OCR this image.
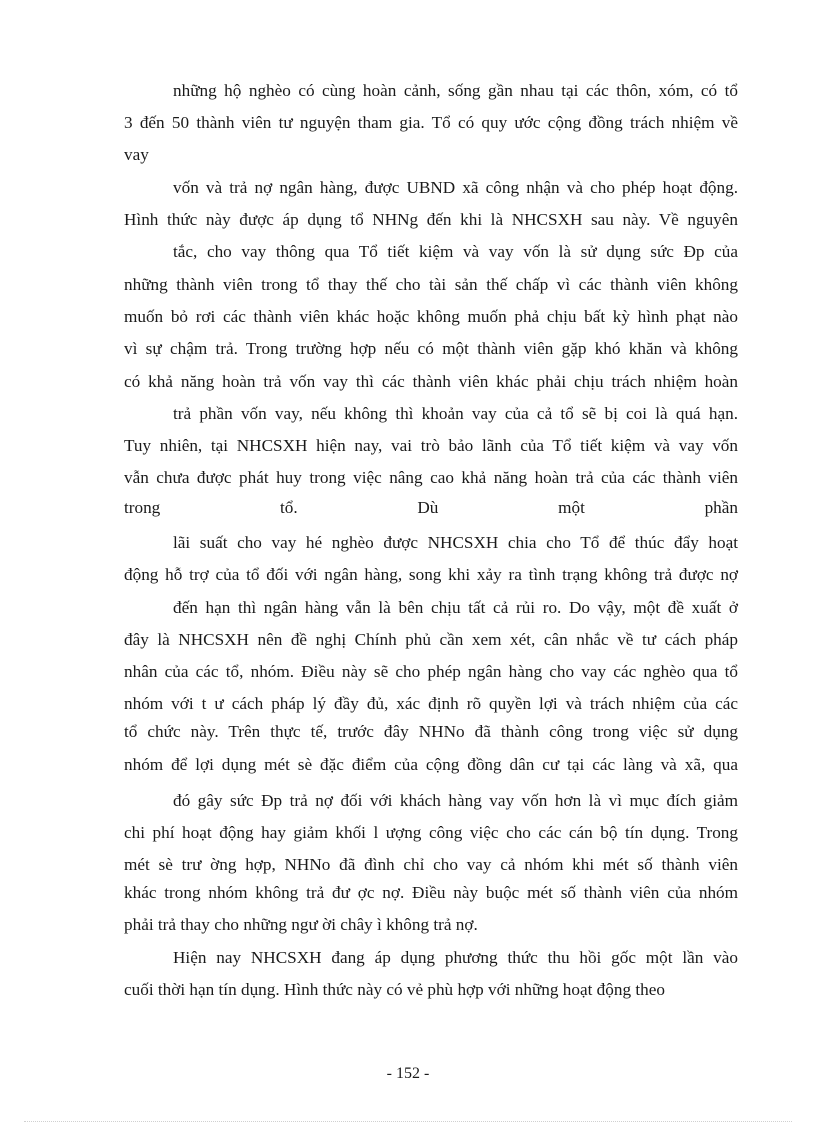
những hộ nghèo có cùng hoàn cảnh, sống gần nhau tại các thôn, xóm, có tổ
3 đến 50 thành viên tư nguyện tham gia. Tổ có quy ước cộng đồng trách nhiệm về
vay
vốn và trả nợ ngân hàng, được UBND xã công nhận và cho phép hoạt động.
Hình thức này được áp dụng tổ NHNg đến khi là NHCSXH sau này. Về nguyên
tắc, cho vay thông qua Tổ tiết kiệm và vay vốn là sử dụng sức Ðp của
những thành viên trong tổ thay thế cho tài sản thế chấp vì các thành viên không
muốn bỏ rơi các thành viên khác hoặc không muốn phả chịu bất kỳ hình phạt nào
vì sự chậm trả. Trong trường hợp nếu có một thành viên gặp khó khăn và không
có khả năng hoàn trả vốn vay thì các thành viên khác phải chịu trách nhiệm hoàn
trả phần vốn vay, nếu không thì khoản vay của cả tổ sẽ bị coi là quá hạn.
Tuy nhiên, tại NHCSXH hiện nay, vai trò bảo lãnh của Tổ tiết kiệm và vay vốn
vẫn chưa được phát huy trong việc nâng cao khả năng hoàn trả của các thành viên
trong tổ. Dù một phần
lãi suất cho vay hé nghèo được NHCSXH chia cho Tổ để thúc đẩy hoạt
động hỗ trợ của tổ đối với ngân hàng, song khi xảy ra tình trạng không trả được nợ
đến hạn thì ngân hàng vẫn là bên chịu tất cả rủi ro. Do vậy, một đề xuất ở
đây là NHCSXH nên đề nghị Chính phủ cần xem xét, cân nhắc về tư cách pháp
nhân của các tổ, nhóm. Điều này sẽ cho phép ngân hàng cho vay các nghèo qua tổ
nhóm với t ư cách pháp lý đầy đủ, xác định rõ quyền lợi và trách nhiệm của các
tổ chức này. Trên thực tế, trước đây NHNo đã thành công trong việc sử dụng
nhóm để lợi dụng mét sè đặc điểm của cộng đồng dân cư tại các làng và xã, qua
đó gây sức Ðp trả nợ đối với khách hàng vay vốn hơn là vì mục đích giảm
chi phí hoạt động hay giảm khối l ượng công việc cho các cán bộ tín dụng. Trong
mét sè trư ờng hợp, NHNo đã đình chỉ cho vay cả nhóm khi mét số thành viên
khác trong nhóm không trả đư ợc nợ. Điều này buộc mét số thành viên của nhóm
phải trả thay cho những ngư ời chây ì không trả nợ.
Hiện nay NHCSXH đang áp dụng phương thức thu hồi gốc một lần vào
cuối thời hạn tín dụng. Hình thức này có vẻ phù hợp với những hoạt động theo
- 152 -
